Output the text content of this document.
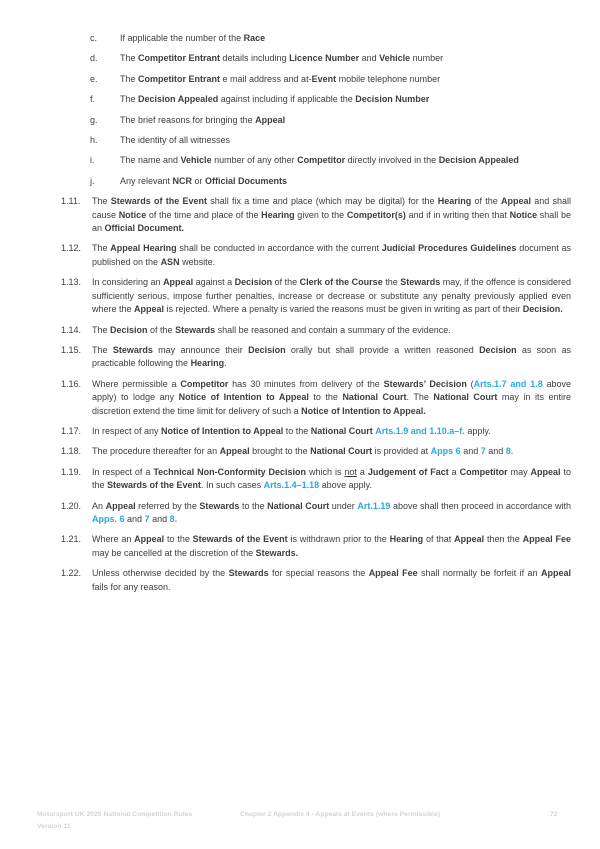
c.	If applicable the number of the Race
d.	The Competitor Entrant details including Licence Number and Vehicle number
e.	The Competitor Entrant e mail address and at-Event mobile telephone number
f.	The Decision Appealed against including if applicable the Decision Number
g.	The brief reasons for bringing the Appeal
h.	The identity of all witnesses
i.	The name and Vehicle number of any other Competitor directly involved in the Decision Appealed
j.	Any relevant NCR or Official Documents
1.11.	The Stewards of the Event shall fix a time and place (which may be digital) for the Hearing of the Appeal and shall cause Notice of the time and place of the Hearing given to the Competitor(s) and if in writing then that Notice shall be an Official Document.
1.12.	The Appeal Hearing shall be conducted in accordance with the current Judicial Procedures Guidelines document as published on the ASN website.
1.13.	In considering an Appeal against a Decision of the Clerk of the Course the Stewards may, if the offence is considered sufficiently serious, impose further penalties, increase or decrease or substitute any penalty previously applied even where the Appeal is rejected. Where a penalty is varied the reasons must be given in writing as part of their Decision.
1.14.	The Decision of the Stewards shall be reasoned and contain a summary of the evidence.
1.15.	The Stewards may announce their Decision orally but shall provide a written reasoned Decision as soon as practicable following the Hearing.
1.16.	Where permissible a Competitor has 30 minutes from delivery of the Stewards’ Decision (Arts.1.7 and 1.8 above apply) to lodge any Notice of Intention to Appeal to the National Court. The National Court may in its entire discretion extend the time limit for delivery of such a Notice of Intention to Appeal.
1.17.	In respect of any Notice of Intention to Appeal to the National Court Arts.1.9 and 1.10.a–f. apply.
1.18.	The procedure thereafter for an Appeal brought to the National Court is provided at Apps 6 and 7 and 8.
1.19.	In respect of a Technical Non-Conformity Decision which is not a Judgement of Fact a Competitor may Appeal to the Stewards of the Event. In such cases Arts.1.4–1.18 above apply.
1.20.	An Appeal referred by the Stewards to the National Court under Art.1.19 above shall then proceed in accordance with Apps. 6 and 7 and 8.
1.21.	Where an Appeal to the Stewards of the Event is withdrawn prior to the Hearing of that Appeal then the Appeal Fee may be cancelled at the discretion of the Stewards.
1.22.	Unless otherwise decided by the Stewards for special reasons the Appeal Fee shall normally be forfeit if an Appeal fails for any reason.
Motorsport UK 2025 National Competition Rules
Version 11
Chapter 2 Appendix 4 - Appeals at Events (where Permissible)	72
